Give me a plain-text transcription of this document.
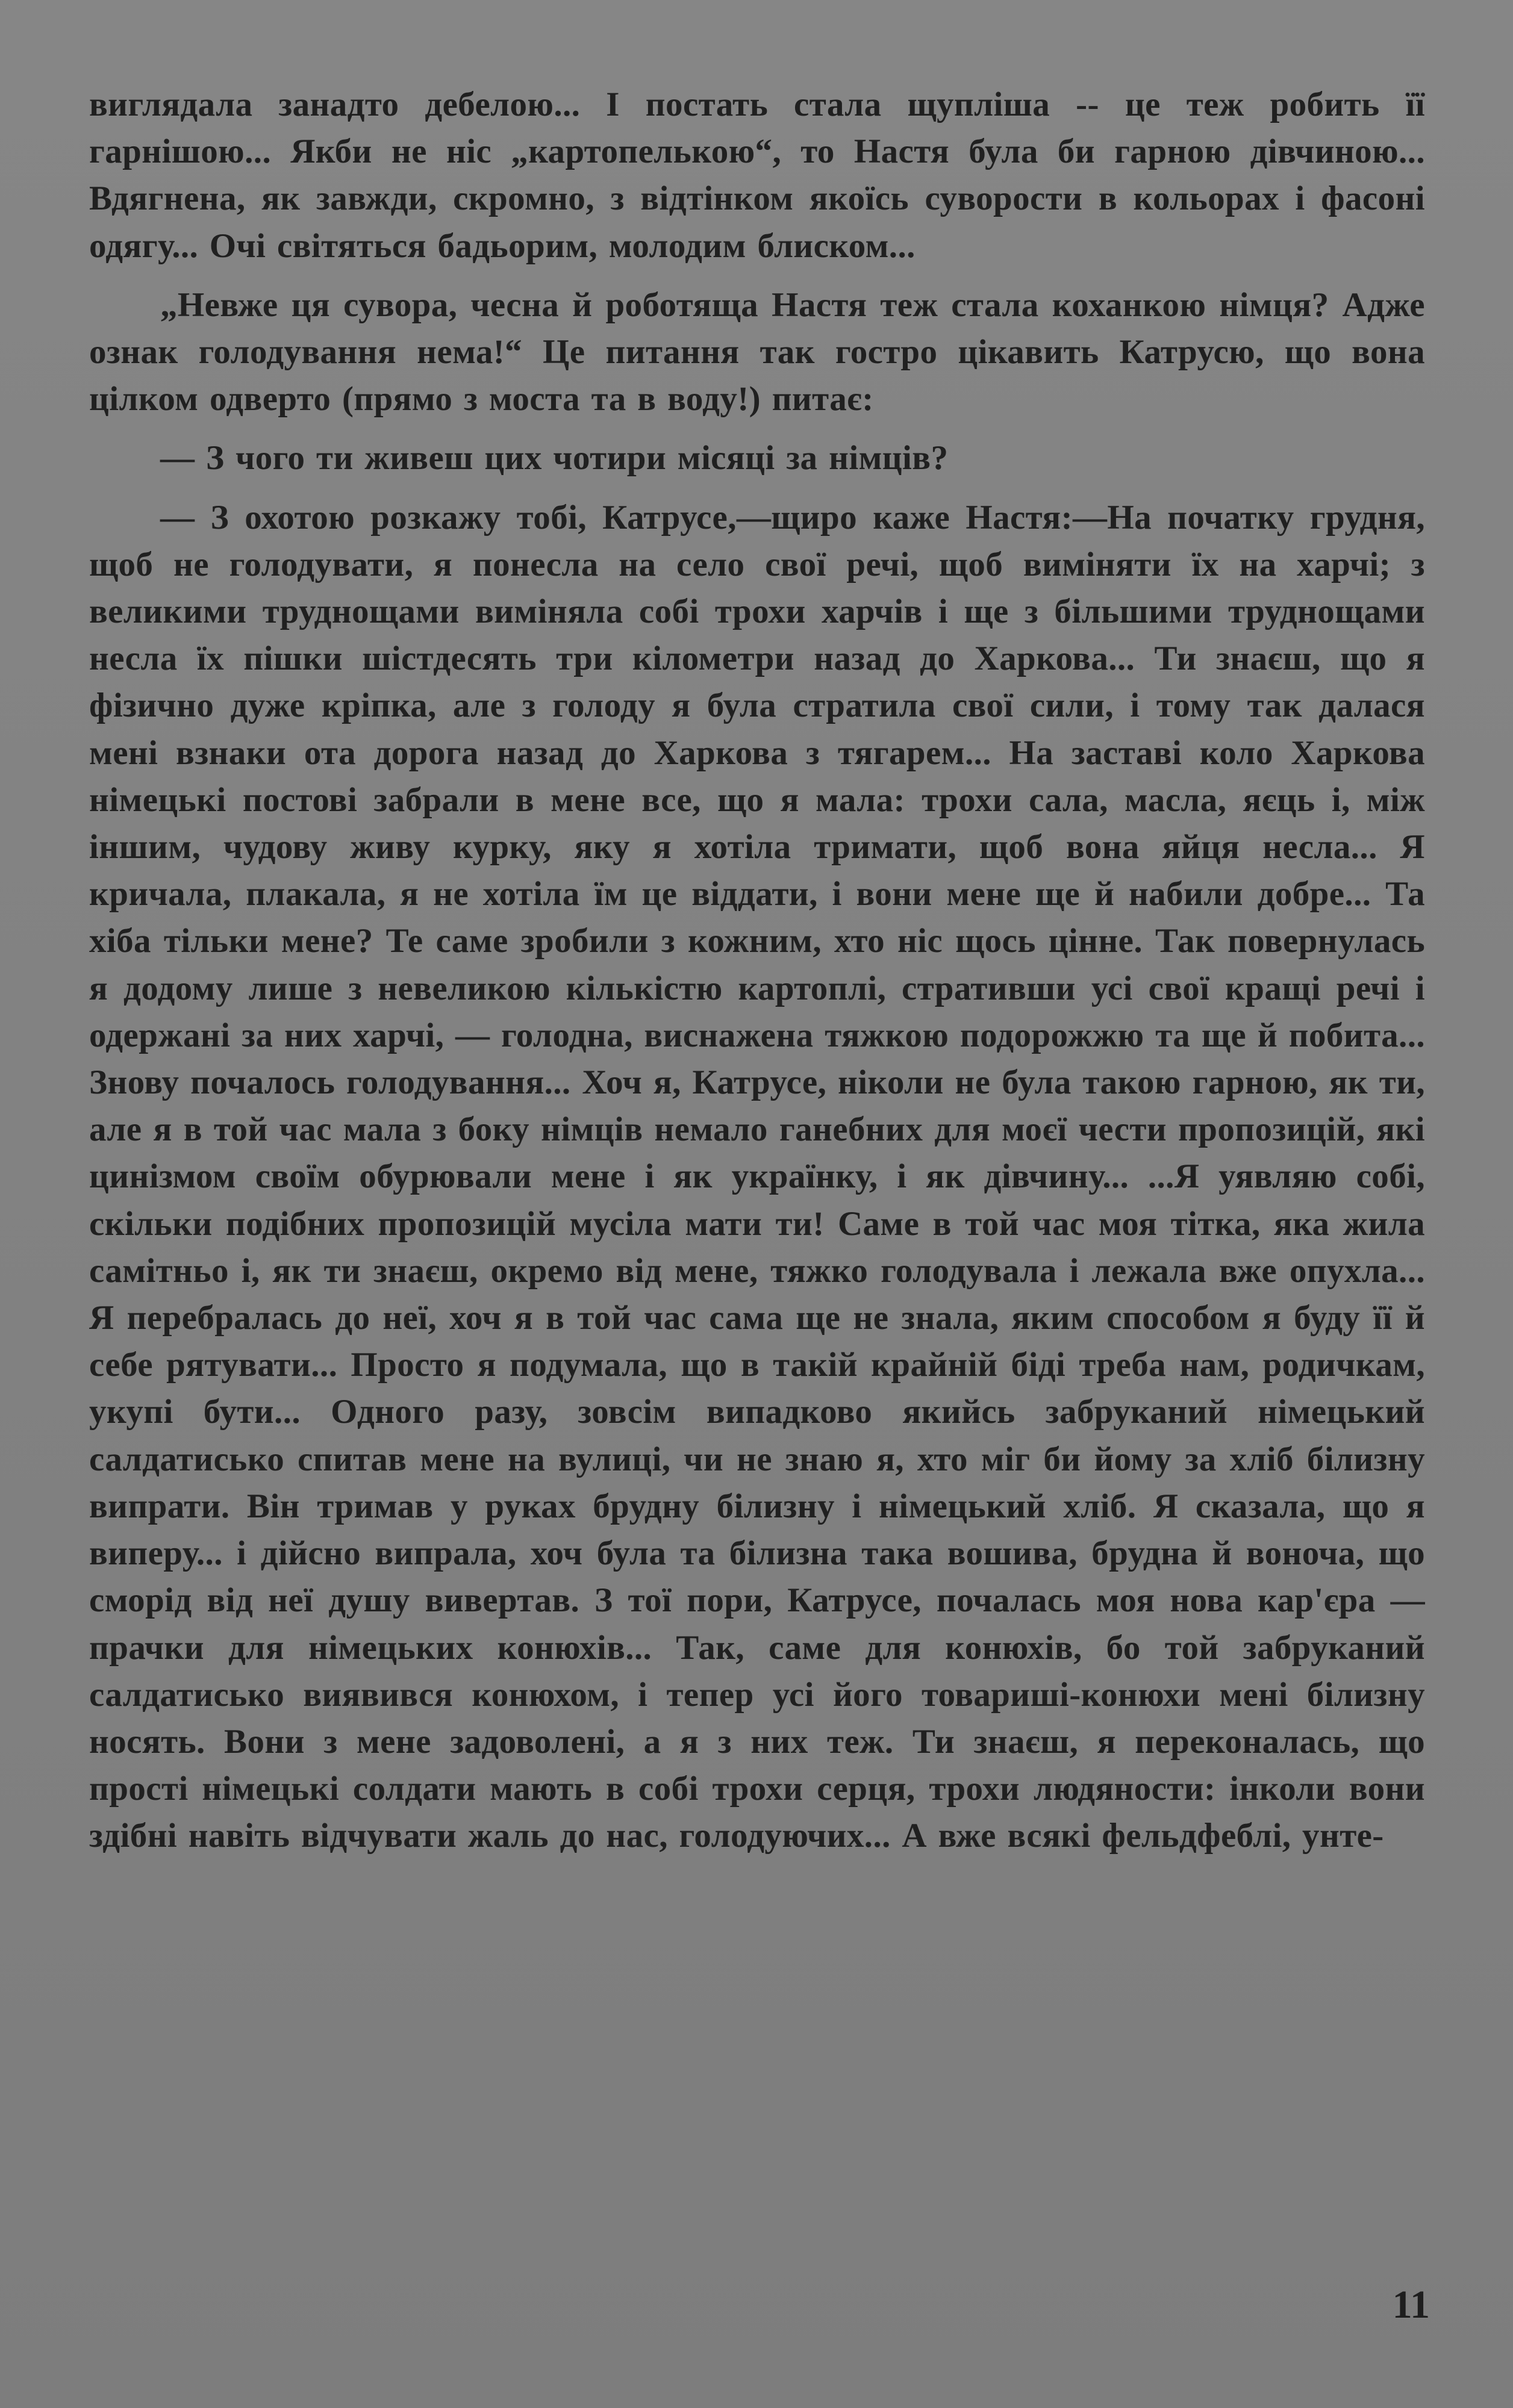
виглядала занадто дебелою... І постать стала щупліша -- це теж робить її гарнішою... Якби не ніс „картопелькою“, то Настя була би гарною дівчиною... Вдягнена, як завжди, скромно, з відтінком якоїсь суворости в кольорах і фасоні одягу... Очі світяться бадьорим, молодим блиском...

„Невже ця сувора, чесна й роботяща Настя теж стала коханкою німця? Адже ознак голодування нема!“ Це питання так гостро цікавить Катрусю, що вона цілком одверто (прямо з моста та в воду!) питає:

— З чого ти живеш цих чотири місяці за німців?

— З охотою розкажу тобі, Катрусе,—щиро каже Настя:—На початку грудня, щоб не голодувати, я понесла на село свої речі, щоб виміняти їх на харчі; з великими труднощами виміняла собі трохи харчів і ще з більшими труднощами несла їх пішки шістдесять три кілометри назад до Харкова... Ти знаєш, що я фізично дуже кріпка, але з голоду я була стратила свої сили, і тому так далася мені взнаки ота дорога назад до Харкова з тягарем... На заставі коло Харкова німецькі постові забрали в мене все, що я мала: трохи сала, масла, яєць і, між іншим, чудову живу курку, яку я хотіла тримати, щоб вона яйця несла... Я кричала, плакала, я не хотіла їм це віддати, і вони мене ще й набили добре... Та хіба тільки мене? Те саме зробили з кожним, хто ніс щось цінне. Так повернулась я додому лише з невеликою кількістю картоплі, стративши усі свої кращі речі і одержані за них харчі, — голодна, виснажена тяжкою подорожжю та ще й побита... Знову почалось голодування... Хоч я, Катрусе, ніколи не була такою гарною, як ти, але я в той час мала з боку німців немало ганебних для моєї чести пропозицій, які цинізмом своїм обурювали мене і як українку, і як дівчину... ...Я уявляю собі, скільки подібних пропозицій мусіла мати ти! Саме в той час моя тітка, яка жила самітньо і, як ти знаєш, окремо від мене, тяжко голодувала і лежала вже опухла... Я перебралась до неї, хоч я в той час сама ще не знала, яким способом я буду її й себе рятувати... Просто я подумала, що в такій крайній біді треба нам, родичкам, укупі бути... Одного разу, зовсім випадково якийсь забруканий німецький салдатисько спитав мене на вулиці, чи не знаю я, хто міг би йому за хліб білизну випрати. Він тримав у руках брудну білизну і німецький хліб. Я сказала, що я виперу... і дійсно випрала, хоч була та білизна така вошива, брудна й воноча, що сморід від неї душу вивертав. З тої пори, Катрусе, почалась моя нова кар'єра — прачки для німецьких конюхів... Так, саме для конюхів, бо той забруканий салдатисько виявився конюхом, і тепер усі його товариші-конюхи мені білизну носять. Вони з мене задоволені, а я з них теж. Ти знаєш, я переконалась, що прості німецькі солдати мають в собі трохи серця, трохи людяности: інколи вони здібні навіть відчувати жаль до нас, голодуючих... А вже всякі фельдфеблі, унте-

11
